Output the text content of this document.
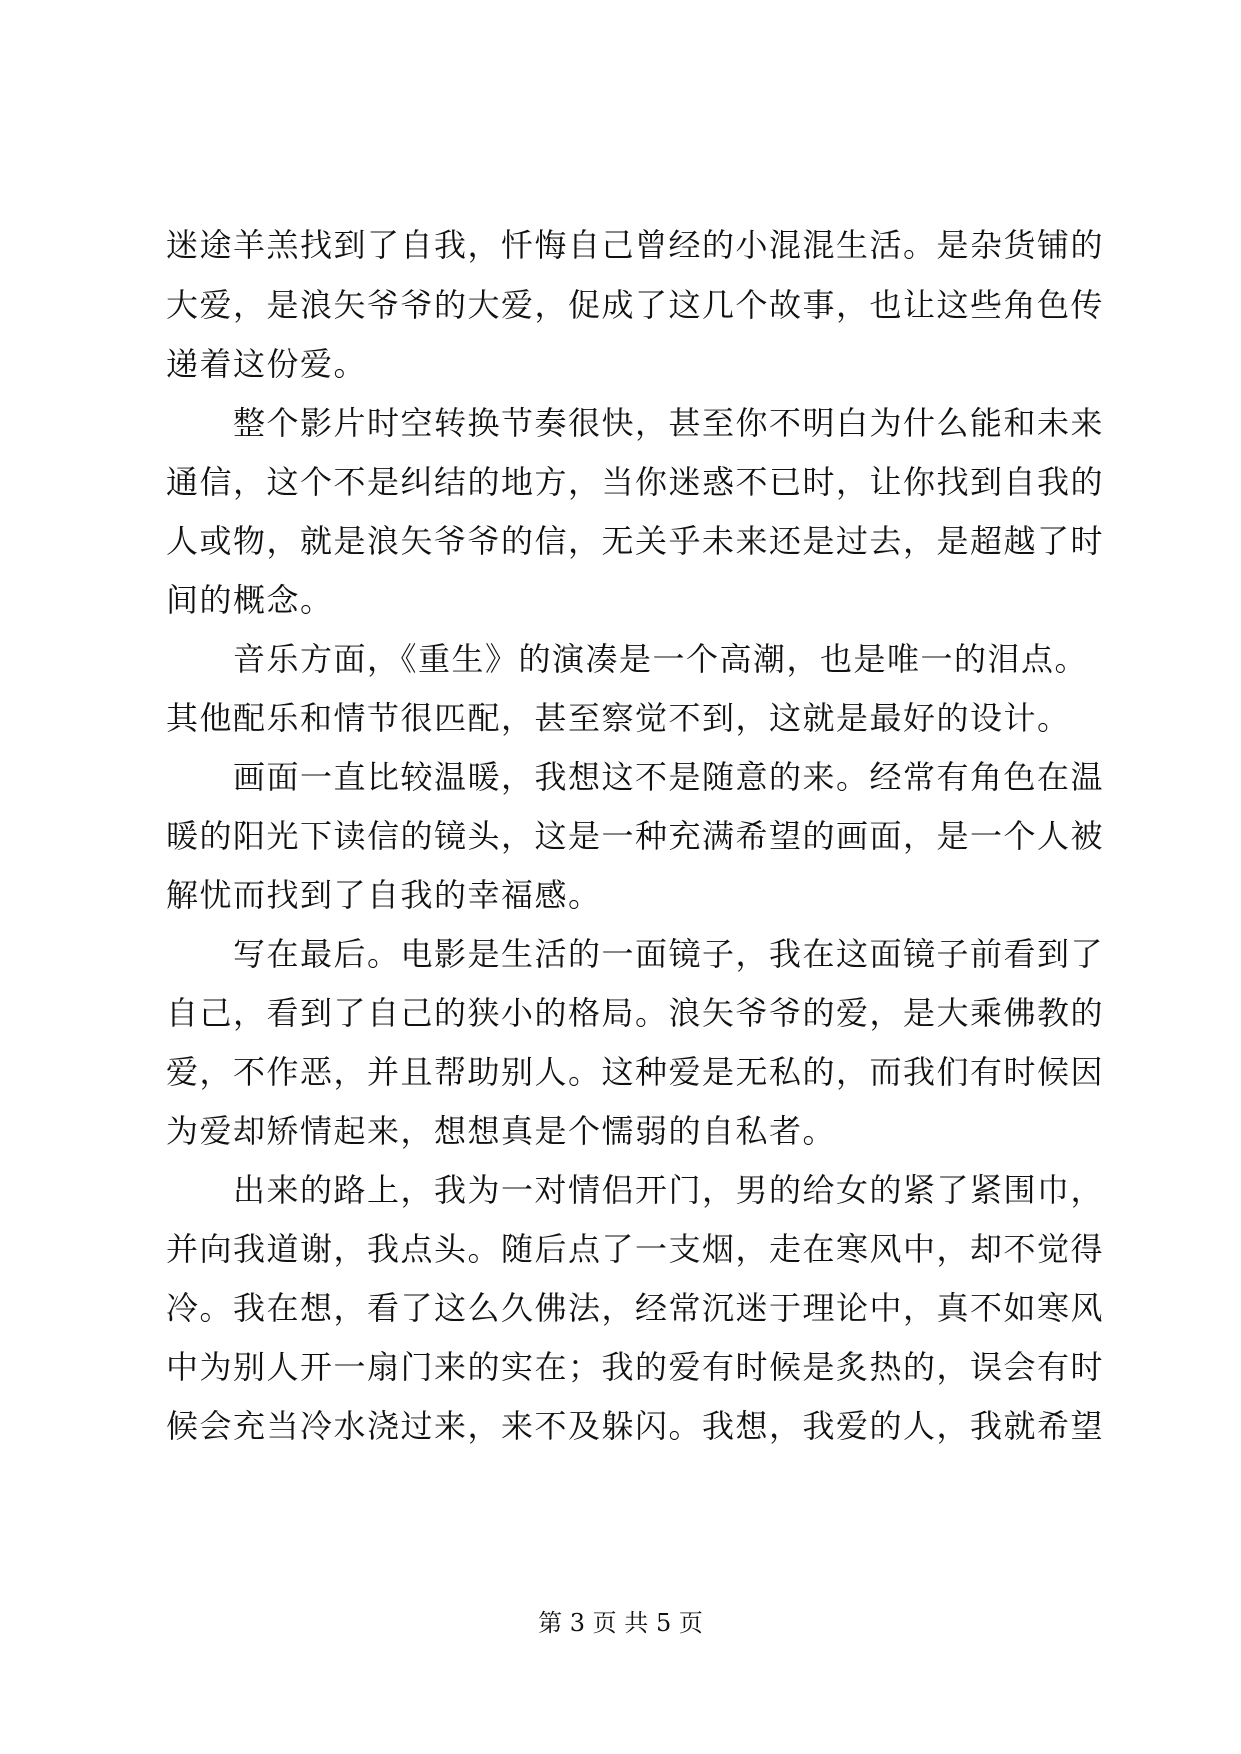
迷途羊羔找到了自我，忏悔自己曾经的小混混生活。是杂货铺的
大爱，是浪矢爷爷的大爱，促成了这几个故事，也让这些角色传
递着这份爱。
　　整个影片时空转换节奏很快，甚至你不明白为什么能和未来
通信，这个不是纠结的地方，当你迷惑不已时，让你找到自我的
人或物，就是浪矢爷爷的信，无关乎未来还是过去，是超越了时
间的概念。
　　音乐方面，《重生》的演凑是一个高潮，也是唯一的泪点。
其他配乐和情节很匹配，甚至察觉不到，这就是最好的设计。
　　画面一直比较温暖，我想这不是随意的来。经常有角色在温
暖的阳光下读信的镜头，这是一种充满希望的画面，是一个人被
解忧而找到了自我的幸福感。
　　写在最后。电影是生活的一面镜子，我在这面镜子前看到了
自己，看到了自己的狭小的格局。浪矢爷爷的爱，是大乘佛教的
爱，不作恶，并且帮助别人。这种爱是无私的，而我们有时候因
为爱却矫情起来，想想真是个懦弱的自私者。
　　出来的路上，我为一对情侣开门，男的给女的紧了紧围巾，
并向我道谢，我点头。随后点了一支烟，走在寒风中，却不觉得
冷。我在想，看了这么久佛法，经常沉迷于理论中，真不如寒风
中为别人开一扇门来的实在；我的爱有时候是炙热的，误会有时
候会充当冷水浇过来，来不及躲闪。我想，我爱的人，我就希望
第 3 页 共 5 页
